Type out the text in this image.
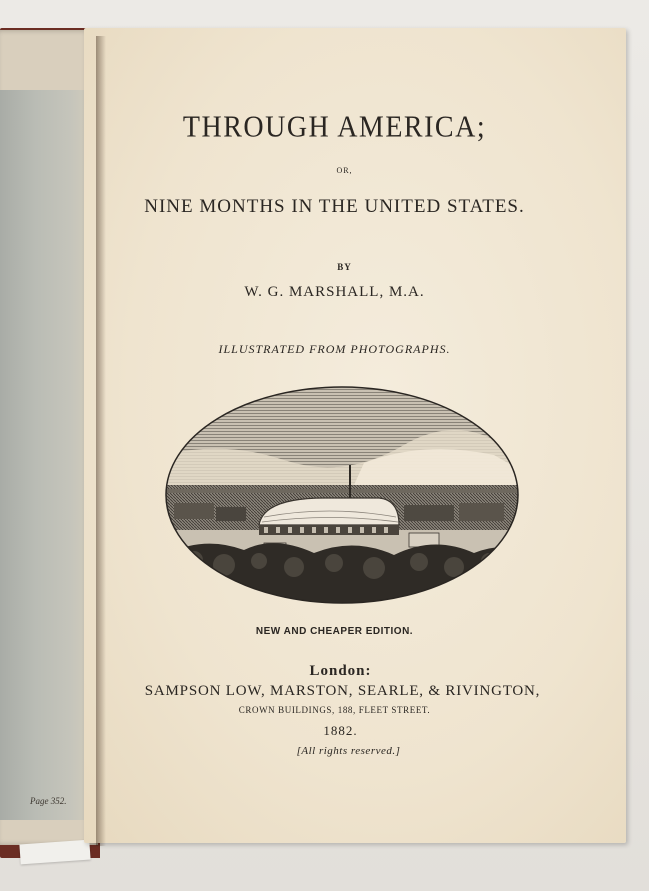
Page 352.
THROUGH AMERICA;
OR,
NINE MONTHS IN THE UNITED STATES.
BY
W. G. MARSHALL, M.A.
ILLUSTRATED FROM PHOTOGRAPHS.
NEW AND CHEAPER EDITION.
London:
SAMPSON LOW, MARSTON, SEARLE, & RIVINGTON,
CROWN BUILDINGS, 188, FLEET STREET.
1882.
[All rights reserved.]
